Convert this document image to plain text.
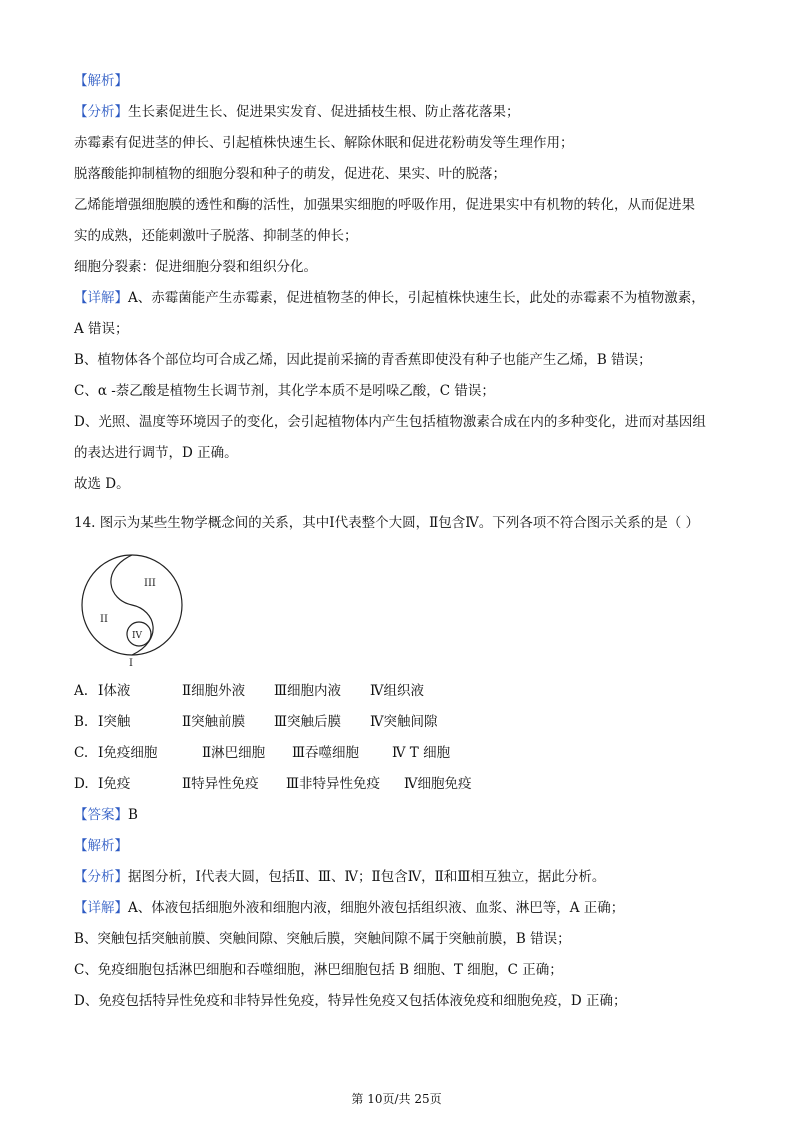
【解析】
【分析】生长素促进生长、促进果实发育、促进插枝生根、防止落花落果；
赤霉素有促进茎的伸长、引起植株快速生长、解除休眠和促进花粉萌发等生理作用；
脱落酸能抑制植物的细胞分裂和种子的萌发，促进花、果实、叶的脱落；
乙烯能增强细胞膜的透性和酶的活性，加强果实细胞的呼吸作用，促进果实中有机物的转化，从而促进果
实的成熟，还能刺激叶子脱落、抑制茎的伸长；
细胞分裂素：促进细胞分裂和组织分化。
【详解】A、赤霉菌能产生赤霉素，促进植物茎的伸长，引起植株快速生长，此处的赤霉素不为植物激素，
A 错误；
B、植物体各个部位均可合成乙烯，因此提前采摘的青香蕉即使没有种子也能产生乙烯，B 错误；
C、α -萘乙酸是植物生长调节剂，其化学本质不是吲哚乙酸，C 错误；
D、光照、温度等环境因子的变化，会引起植物体内产生包括植物激素合成在内的多种变化，进而对基因组
的表达进行调节，D 正确。
故选 D。
14. 图示为某些生物学概念间的关系，其中Ⅰ代表整个大圆，Ⅱ包含Ⅳ。下列各项不符合图示关系的是（ ）
III
II
IV
I
A. Ⅰ体液	Ⅱ细胞外液 Ⅲ细胞内液 Ⅳ组织液
B. Ⅰ突触	Ⅱ突触前膜 Ⅲ突触后膜 Ⅳ突触间隙
C. Ⅰ免疫细胞	Ⅱ淋巴细胞 Ⅲ吞噬细胞 Ⅳ T 细胞
D. Ⅰ免疫	Ⅱ特异性免疫 Ⅲ非特异性免疫 Ⅳ细胞免疫
【答案】B
【解析】
【分析】据图分析，Ⅰ代表大圆，包括Ⅱ、Ⅲ、Ⅳ；Ⅱ包含Ⅳ，Ⅱ和Ⅲ相互独立，据此分析。
【详解】A、体液包括细胞外液和细胞内液，细胞外液包括组织液、血浆、淋巴等，A 正确；
B、突触包括突触前膜、突触间隙、突触后膜，突触间隙不属于突触前膜，B 错误；
C、免疫细胞包括淋巴细胞和吞噬细胞，淋巴细胞包括 B 细胞、T 细胞，C 正确；
D、免疫包括特异性免疫和非特异性免疫，特异性免疫又包括体液免疫和细胞免疫，D 正确；
第 10页/共 25页
